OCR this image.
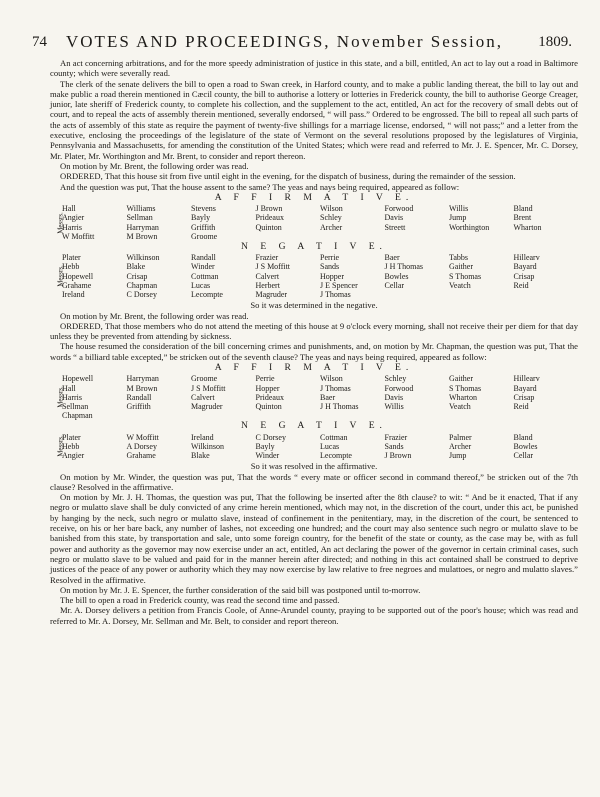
74 VOTES AND PROCEEDINGS, November Session, 1809.

An act concerning arbitrations, and for the more speedy administration of justice in this state, and a bill, entitled, An act to lay out a road in Baltimore county; which were severally read.

The clerk of the senate delivers the bill to open a road to Swan creek, in Harford county, and to make a public landing thereat, the bill to lay out and make public a road therein mentioned in Cæcil county, the bill to authorise a lottery or lotteries in Frederick county, the bill to authorise George Creager, junior, late sheriff of Frederick county, to complete his collection, and the supplement to the act, entitled, An act for the recovery of small debts out of court, and to repeal the acts of assembly therein mentioned, severally endorsed, “ will pass.” Ordered to be engrossed. The bill to repeal all such parts of the acts of assembly of this state as require the payment of twenty-five shillings for a marriage license, endorsed, “ will not pass;” and a letter from the executive, enclosing the proceedings of the legislature of the state of Vermont on the several resolutions proposed by the legislatures of Virginia, Pennsylvania and Massachusetts, for amending the constitution of the United States; which were read and referred to Mr. J. E. Spencer, Mr. C. Dorsey, Mr. Plater, Mr. Worthington and Mr. Brent, to consider and report thereon.

On motion by Mr. Brent, the following order was read.

ORDERED, That this house sit from five until eight in the evening, for the dispatch of business, during the remainder of the session.

And the question was put, That the house assent to the same? The yeas and nays being required, appeared as follow:

A F F I R M A T I V E.

Messrs.
Hall
Angier
Harris
W Moffitt
Williams
Sellman
Harryman
M Brown
Stevens
Bayly
Griffith
Groome
J Brown
Prideaux
Quinton
Wilson
Schley
Archer
Forwood
Davis
Streett
Willis
Jump
Worthington
Bland
Brent
Wharton

N E G A T I V E.

Messrs.
Plater
Hebb
Hopewell
Grahame
Ireland
Wilkinson
Blake
Crisap
Chapman
C Dorsey
Randall
Winder
Cottman
Lucas
Lecompte
Frazier
J S Moffitt
Calvert
Herbert
Magruder
Perrie
Sands
Hopper
J E Spencer
J Thomas
Baer
J H Thomas
Bowles
Cellar
Tabbs
Gaither
S Thomas
Veatch
Hillearv
Bayard
Crisap
Reid

So it was determined in the negative.

On motion by Mr. Brent, the following order was read.

ORDERED, That those members who do not attend the meeting of this house at 9 o'clock every morning, shall not receive their per diem for that day unless they be prevented from attending by sickness.

The house resumed the consideration of the bill concerning crimes and punishments, and, on motion by Mr. Chapman, the question was put, That the words “ a billiard table excepted,” be stricken out of the seventh clause? The yeas and nays being required, appeared as follow:

A F F I R M A T I V E.

Messrs.
Hopewell
Hall
Harris
Sellman
Chapman
Harryman
M Brown
Randall
Griffith
Groome
J S Moffitt
Calvert
Magruder
Perrie
Hopper
Prideaux
Quinton
Wilson
J Thomas
Baer
J H Thomas
Schley
Forwood
Davis
Willis
Gaither
S Thomas
Wharton
Veatch
Hillearv
Bayard
Crisap
Reid

N E G A T I V E.

Messrs.
Plater
Hebb
Angier
W Moffitt
A Dorsey
Grahame
Ireland
Wilkinson
Blake
C Dorsey
Bayly
Winder
Cottman
Lucas
Lecompte
Frazier
Sands
J Brown
Palmer
Archer
Jump
Bland
Bowles
Cellar

So it was resolved in the affirmative.

On motion by Mr. Winder, the question was put, That the words “ every mate or officer second in command thereof,” be stricken out of the 7th clause? Resolved in the affirmative.

On motion by Mr. J. H. Thomas, the question was put, That the following be inserted after the 8th clause? to wit: “ And be it enacted, That if any negro or mulatto slave shall be duly convicted of any crime herein mentioned, which may not, in the discretion of the court, under this act, be punished by hanging by the neck, such negro or mulatto slave, instead of confinement in the penitentiary, may, in the discretion of the court, be sentenced to receive, on his or her bare back, any number of lashes, not exceeding one hundred; and the court may also sentence such negro or mulatto slave to be banished from this state, by transportation and sale, unto some foreign country, for the benefit of the state or county, as the case may be, with as full power and authority as the governor may now exercise under an act, entitled, An act declaring the power of the governor in certain criminal cases, such negro or mulatto slave to be valued and paid for in the manner herein after directed; and nothing in this act contained shall be construed to deprive justices of the peace of any power or authority which they may now exercise by law relative to free negroes and mulattoes, or negro and mulatto slaves.” Resolved in the affirmative.

On motion by Mr. J. E. Spencer, the further consideration of the said bill was postponed until to-morrow.

The bill to open a road in Frederick county, was read the second time and passed.

Mr. A. Dorsey delivers a petition from Francis Coole, of Anne-Arundel county, praying to be supported out of the poor's house; which was read and referred to Mr. A. Dorsey, Mr. Sellman and Mr. Belt, to consider and report thereon.
